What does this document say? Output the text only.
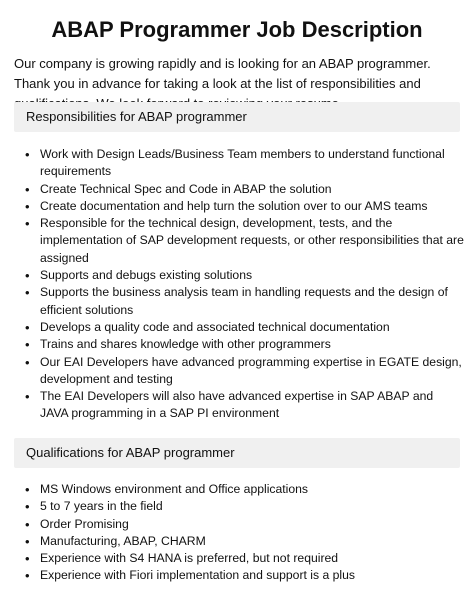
ABAP Programmer Job Description

Our company is growing rapidly and is looking for an ABAP programmer. Thank you in advance for taking a look at the list of responsibilities and

Responsibilities for ABAP programmer
• Work with Design Leads/Business Team members to understand functional requirements
• Create Technical Spec and Code in ABAP the solution
• Create documentation and help turn the solution over to our AMS teams
• Responsible for the technical design, development, tests, and the implementation of SAP development requests, or other responsibilities that are assigned
• Supports and debugs existing solutions
• Supports the business analysis team in handling requests and the design of efficient solutions
• Develops a quality code and associated technical documentation
• Trains and shares knowledge with other programmers
• Our EAI Developers have advanced programming expertise in EGATE design, development and testing
• The EAI Developers will also have advanced expertise in SAP ABAP and JAVA programming in a SAP PI environment
Qualifications for ABAP programmer
• MS Windows environment and Office applications
• 5 to 7 years in the field
• Order Promising
• Manufacturing, ABAP, CHARM
• Experience with S4 HANA is preferred, but not required
• Experience with Fiori implementation and support is a plus
